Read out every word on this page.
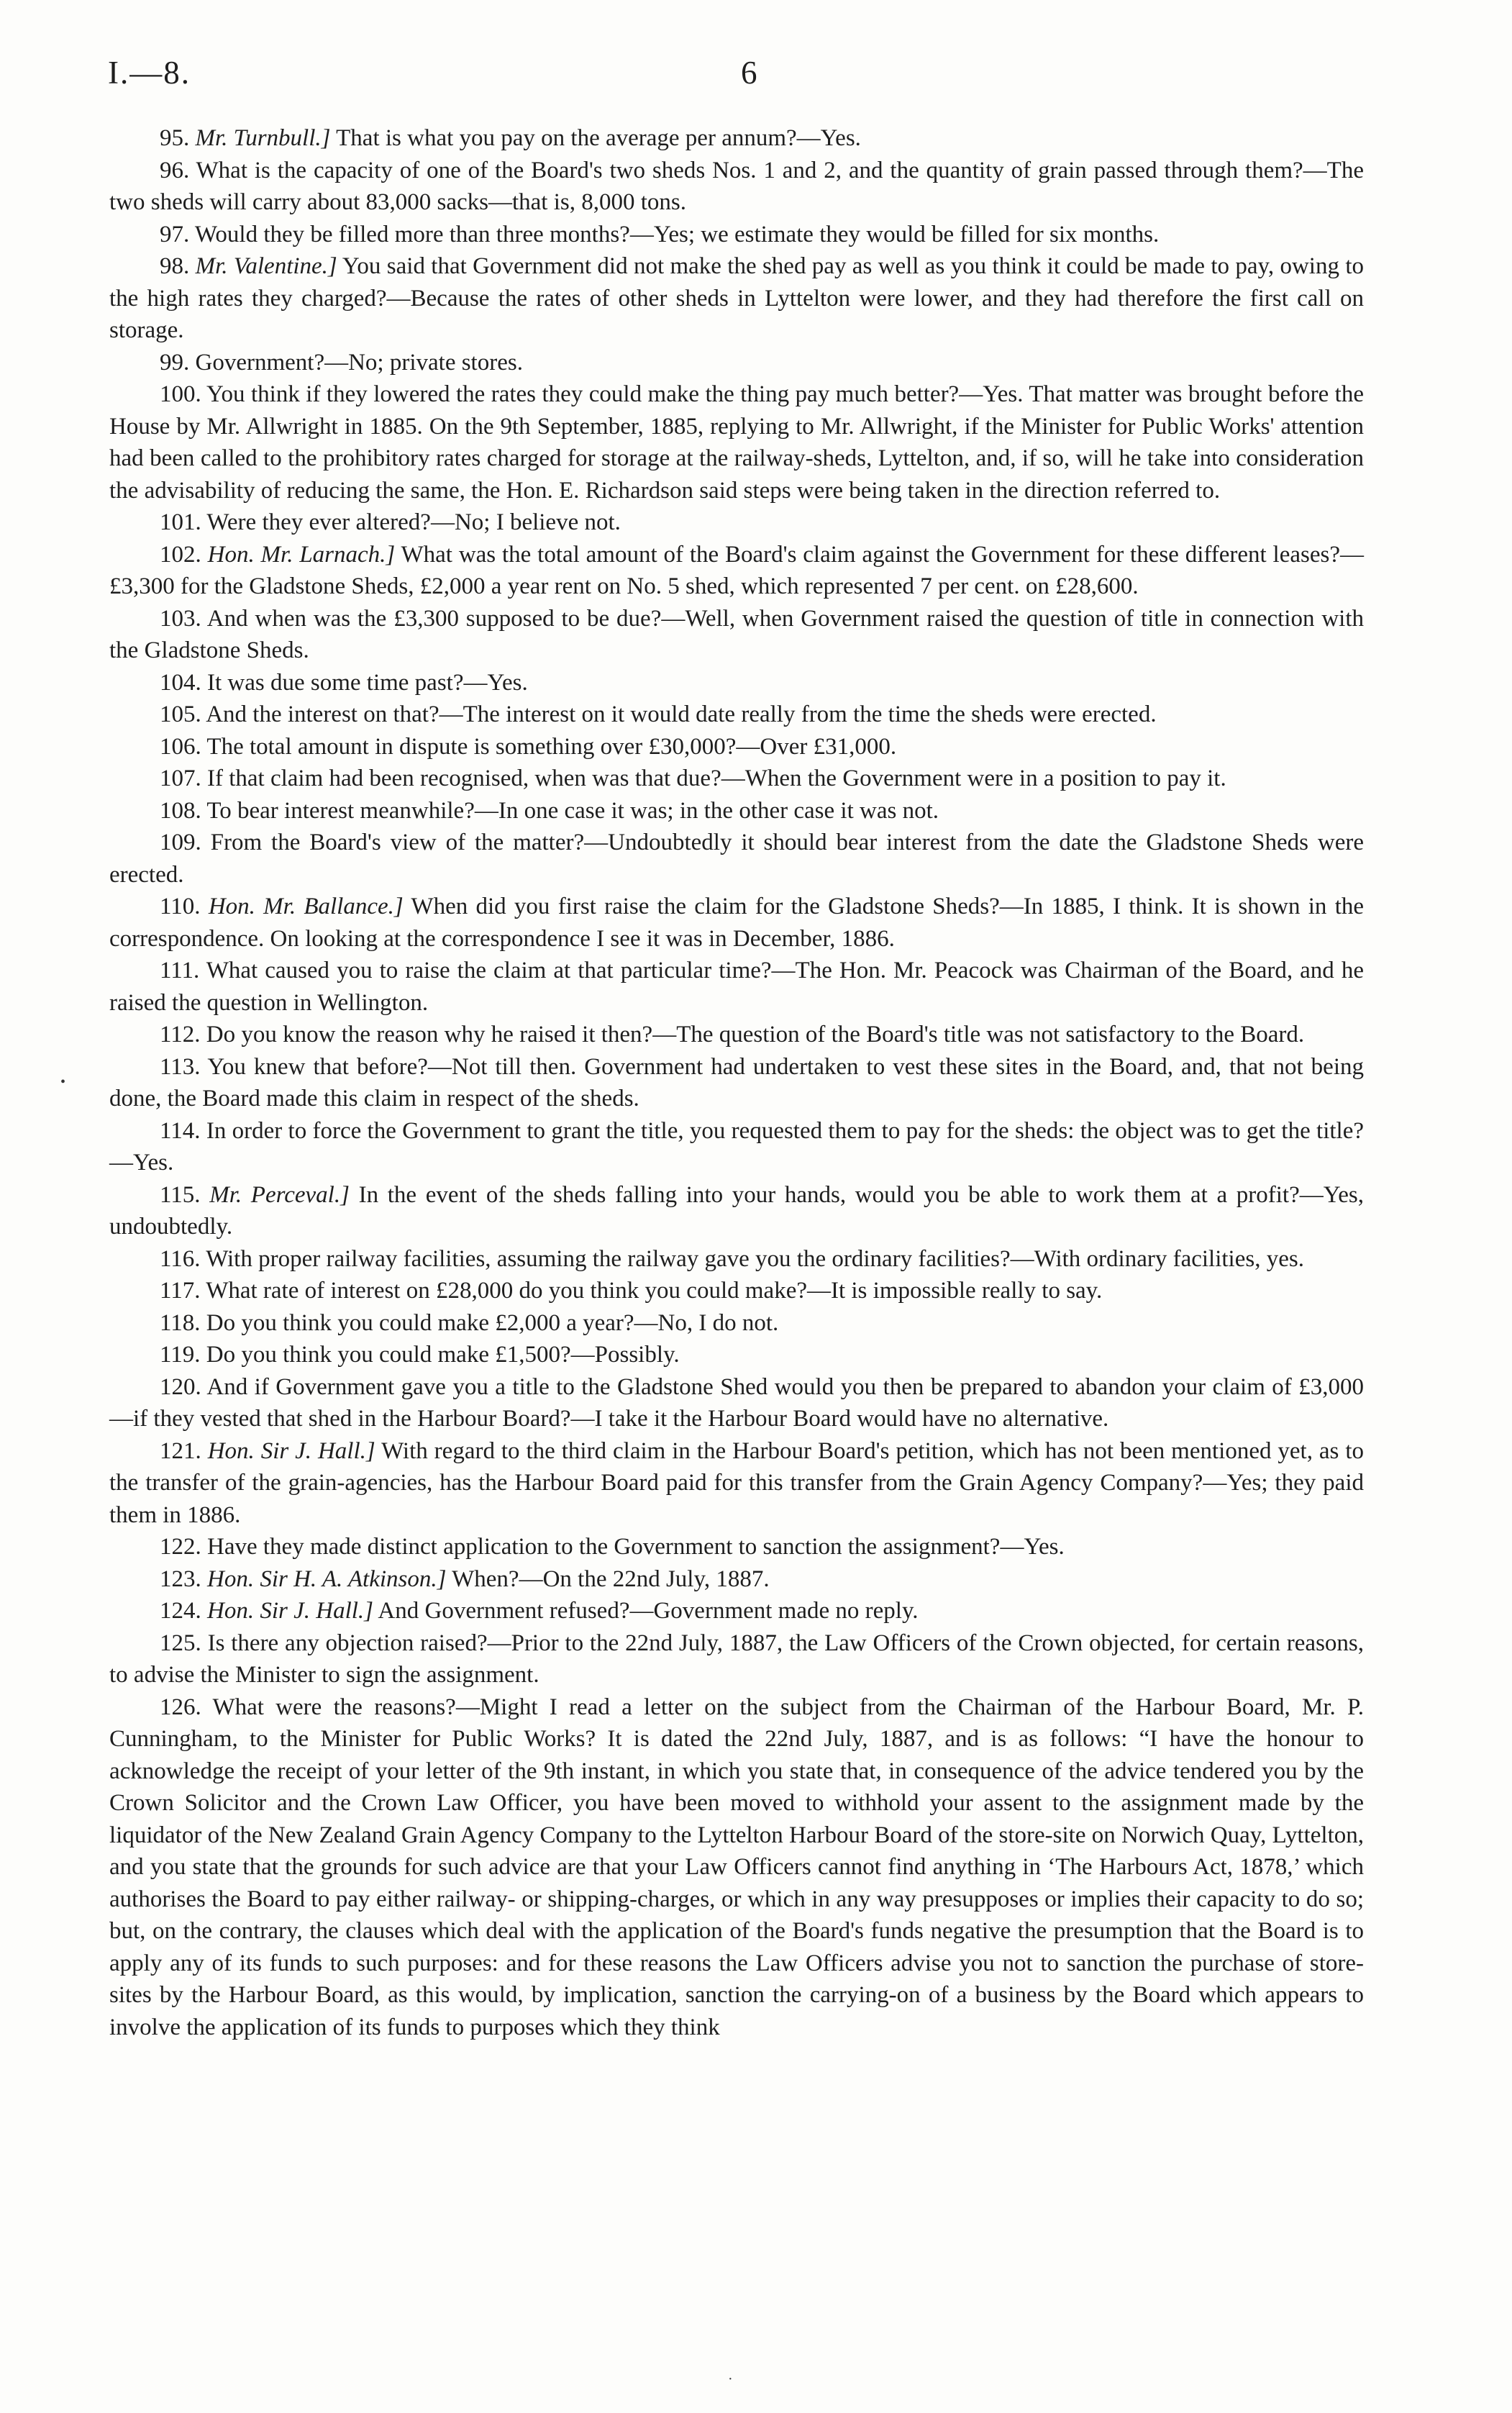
I.—8.	6

95. Mr. Turnbull.] That is what you pay on the average per annum?—Yes.

96. What is the capacity of one of the Board's two sheds Nos. 1 and 2, and the quantity of grain passed through them?—The two sheds will carry about 83,000 sacks—that is, 8,000 tons.

97. Would they be filled more than three months?—Yes; we estimate they would be filled for six months.

98. Mr. Valentine.] You said that Government did not make the shed pay as well as you think it could be made to pay, owing to the high rates they charged?—Because the rates of other sheds in Lyttelton were lower, and they had therefore the first call on storage.

99. Government?—No; private stores.

100. You think if they lowered the rates they could make the thing pay much better?—Yes. That matter was brought before the House by Mr. Allwright in 1885. On the 9th September, 1885, replying to Mr. Allwright, if the Minister for Public Works' attention had been called to the prohibitory rates charged for storage at the railway-sheds, Lyttelton, and, if so, will he take into consideration the advisability of reducing the same, the Hon. E. Richardson said steps were being taken in the direction referred to.

101. Were they ever altered?—No; I believe not.

102. Hon. Mr. Larnach.] What was the total amount of the Board's claim against the Government for these different leases?—£3,300 for the Gladstone Sheds, £2,000 a year rent on No. 5 shed, which represented 7 per cent. on £28,600.

103. And when was the £3,300 supposed to be due?—Well, when Government raised the question of title in connection with the Gladstone Sheds.

104. It was due some time past?—Yes.

105. And the interest on that?—The interest on it would date really from the time the sheds were erected.

106. The total amount in dispute is something over £30,000?—Over £31,000.

107. If that claim had been recognised, when was that due?—When the Government were in a position to pay it.

108. To bear interest meanwhile?—In one case it was; in the other case it was not.

109. From the Board's view of the matter?—Undoubtedly it should bear interest from the date the Gladstone Sheds were erected.

110. Hon. Mr. Ballance.] When did you first raise the claim for the Gladstone Sheds?—In 1885, I think. It is shown in the correspondence. On looking at the correspondence I see it was in December, 1886.

111. What caused you to raise the claim at that particular time?—The Hon. Mr. Peacock was Chairman of the Board, and he raised the question in Wellington.

112. Do you know the reason why he raised it then?—The question of the Board's title was not satisfactory to the Board.

113. You knew that before?—Not till then. Government had undertaken to vest these sites in the Board, and, that not being done, the Board made this claim in respect of the sheds.

114. In order to force the Government to grant the title, you requested them to pay for the sheds: the object was to get the title?—Yes.

115. Mr. Perceval.] In the event of the sheds falling into your hands, would you be able to work them at a profit?—Yes, undoubtedly.

116. With proper railway facilities, assuming the railway gave you the ordinary facilities?—With ordinary facilities, yes.

117. What rate of interest on £28,000 do you think you could make?—It is impossible really to say.

118. Do you think you could make £2,000 a year?—No, I do not.

119. Do you think you could make £1,500?—Possibly.

120. And if Government gave you a title to the Gladstone Shed would you then be prepared to abandon your claim of £3,000—if they vested that shed in the Harbour Board?—I take it the Harbour Board would have no alternative.

121. Hon. Sir J. Hall.] With regard to the third claim in the Harbour Board's petition, which has not been mentioned yet, as to the transfer of the grain-agencies, has the Harbour Board paid for this transfer from the Grain Agency Company?—Yes; they paid them in 1886.

122. Have they made distinct application to the Government to sanction the assignment?—Yes.

123. Hon. Sir H. A. Atkinson.] When?—On the 22nd July, 1887.

124. Hon. Sir J. Hall.] And Government refused?—Government made no reply.

125. Is there any objection raised?—Prior to the 22nd July, 1887, the Law Officers of the Crown objected, for certain reasons, to advise the Minister to sign the assignment.

126. What were the reasons?—Might I read a letter on the subject from the Chairman of the Harbour Board, Mr. P. Cunningham, to the Minister for Public Works? It is dated the 22nd July, 1887, and is as follows: “I have the honour to acknowledge the receipt of your letter of the 9th instant, in which you state that, in consequence of the advice tendered you by the Crown Solicitor and the Crown Law Officer, you have been moved to withhold your assent to the assignment made by the liquidator of the New Zealand Grain Agency Company to the Lyttelton Harbour Board of the store-site on Norwich Quay, Lyttelton, and you state that the grounds for such advice are that your Law Officers cannot find anything in ‘The Harbours Act, 1878,’ which authorises the Board to pay either railway- or shipping-charges, or which in any way presupposes or implies their capacity to do so; but, on the contrary, the clauses which deal with the application of the Board's funds negative the presumption that the Board is to apply any of its funds to such purposes: and for these reasons the Law Officers advise you not to sanction the purchase of store-sites by the Harbour Board, as this would, by implication, sanction the carrying-on of a business by the Board which appears to involve the application of its funds to purposes which they think

•
·
